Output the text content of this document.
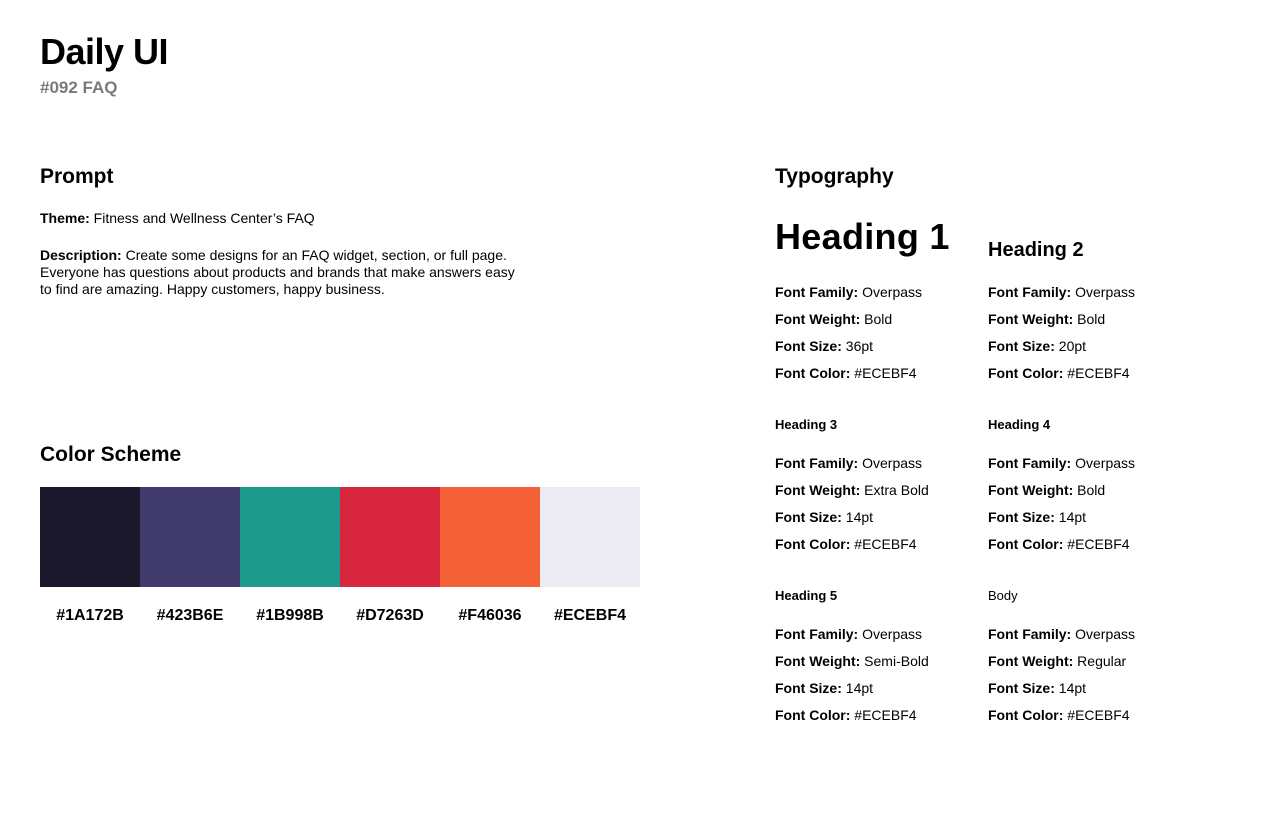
Daily UI
#092 FAQ
Prompt
Theme: Fitness and Wellness Center’s FAQ
Description: Create some designs for an FAQ widget, section, or full page. Everyone has questions about products and brands that make answers easy to find are amazing. Happy customers, happy business.
Color Scheme
#1A172B	#423B6E	#1B998B	#D7263D	#F46036	#ECEBF4
Typography
Heading 1
Font Family: Overpass
Font Weight: Bold
Font Size: 36pt
Font Color: #ECEBF4
Heading 2
Font Family: Overpass
Font Weight: Bold
Font Size: 20pt
Font Color: #ECEBF4
Heading 3
Font Family: Overpass
Font Weight: Extra Bold
Font Size: 14pt
Font Color: #ECEBF4
Heading 4
Font Family: Overpass
Font Weight: Bold
Font Size: 14pt
Font Color: #ECEBF4
Heading 5
Font Family: Overpass
Font Weight: Semi-Bold
Font Size: 14pt
Font Color: #ECEBF4
Body
Font Family: Overpass
Font Weight: Regular
Font Size: 14pt
Font Color: #ECEBF4
